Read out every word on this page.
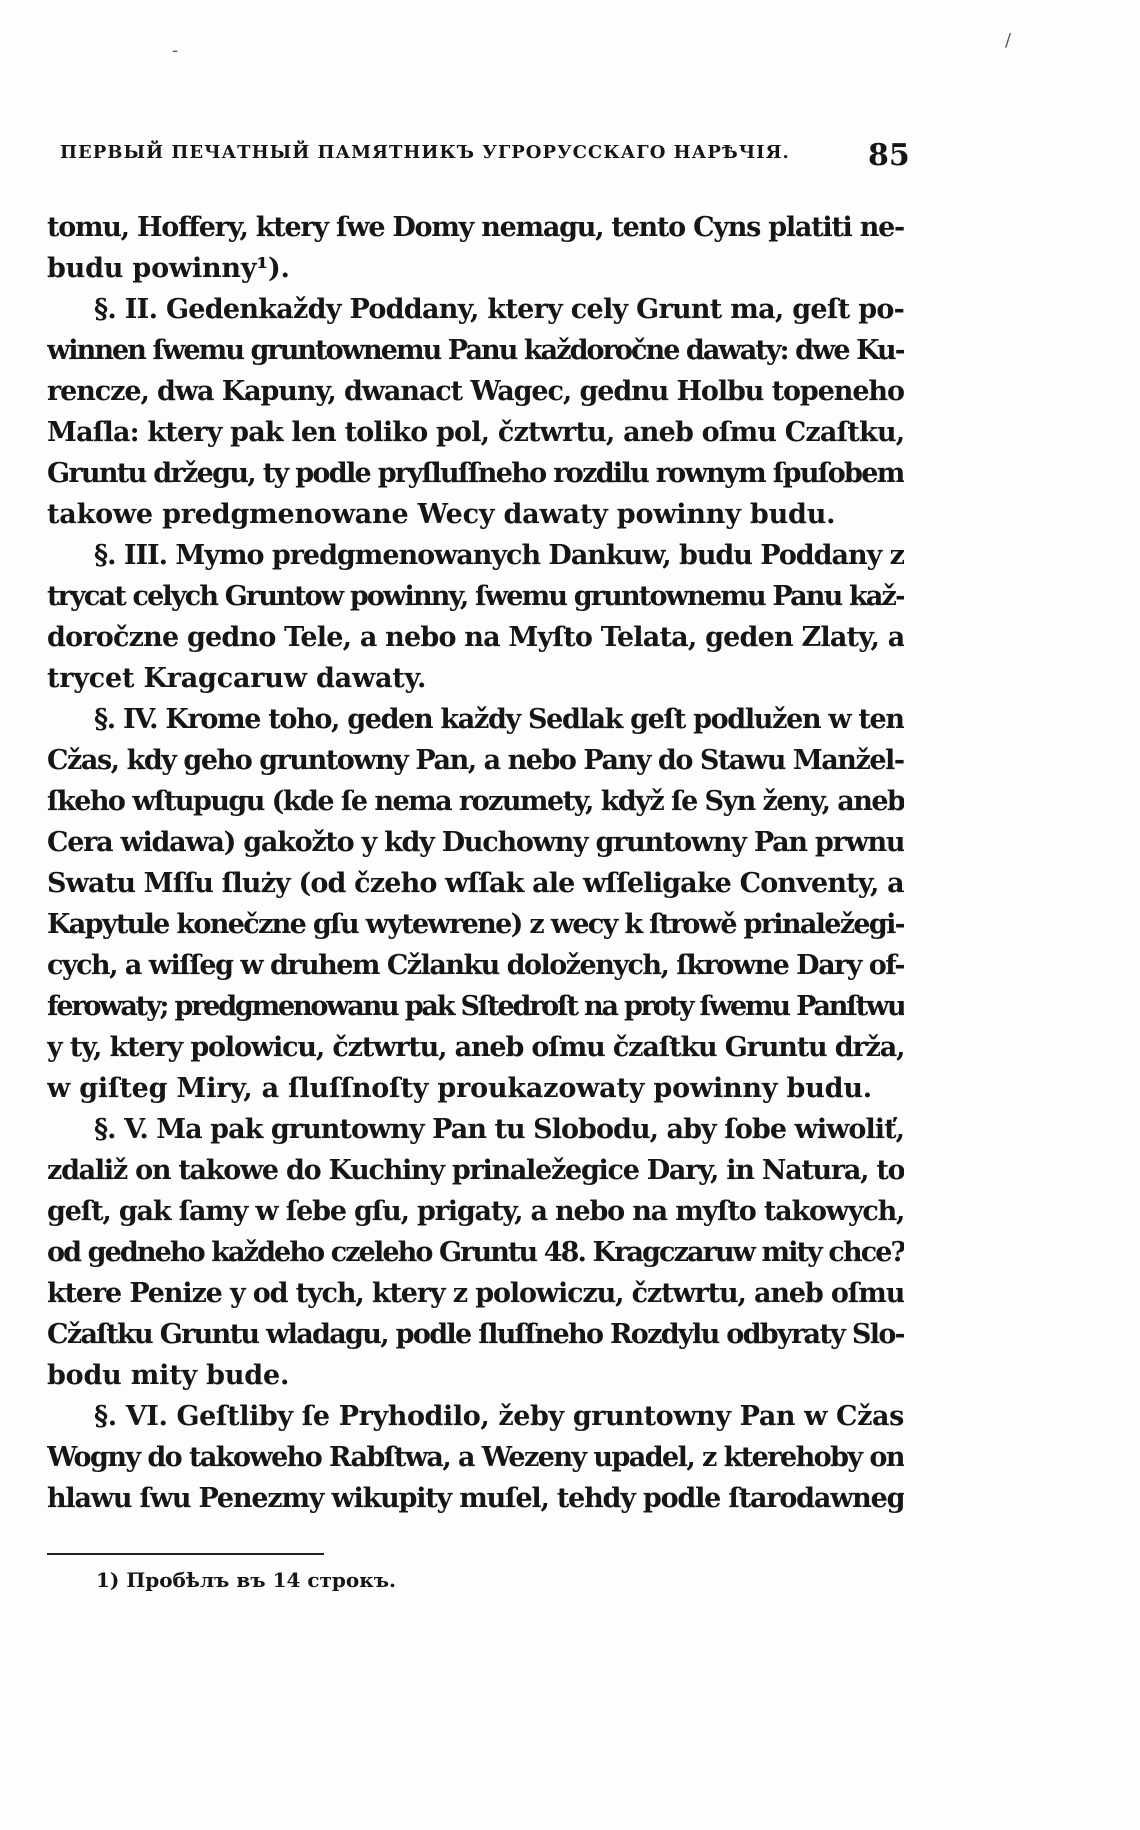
ПЕРВЫЙ ПЕЧАТНЫЙ ПАМЯТНИКЪ УГРОРУССКАГО НАРѢЧІЯ.	85
tomu, Hoffery, ktery ſwe Domy nemagu, tento Cyns platiti ne-
budu powinny¹).
§. II. Gedenkaždy Poddany, ktery cely Grunt ma, geſt po-
winnen ſwemu gruntownemu Panu každoročne dawaty: dwe Ku-
rencze, dwa Kapuny, dwanact Wagec, gednu Holbu topeneho
Maſla: ktery pak len toliko pol, čztwrtu, aneb oſmu Czaſtku,
Gruntu držegu, ty podle pryſluſſneho rozdilu rownym ſpuſobem
takowe predgmenowane Wecy dawaty powinny budu.
§. III. Mymo predgmenowanych Dankuw, budu Poddany z
trycat celych Gruntow powinny, ſwemu gruntownemu Panu kaž-
doročzne gedno Tele, a nebo na Myſto Telata, geden Zlaty, a
trycet Kragcaruw dawaty.
§. IV. Krome toho, geden každy Sedlak geſt podlužen w ten
Cžas, kdy geho gruntowny Pan, a nebo Pany do Stawu Manžel-
ſkeho wſtupugu (kde ſe nema rozumety, když ſe Syn ženy, aneb
Cera widawa) gakožto y kdy Duchowny gruntowny Pan prwnu
Swatu Mſſu ſluży (od čzeho wſſak ale wſſeligake Conventy, a
Kapytule konečzne gſu wytewrene) z wecy k ſtrowě prinaležegi-
cych, a wiſſeg w druhem Cžlanku doloženych, ſkrowne Dary of-
ferowaty; predgmenowanu pak Sſtedroſt na proty ſwemu Panſtwu
y ty, ktery polowicu, čztwrtu, aneb oſmu čzaſtku Gruntu drža,
w giſteg Miry, a ſluſſnoſty proukazowaty powinny budu.
§. V. Ma pak gruntowny Pan tu Slobodu, aby ſobe wiwoliť,
zdaliž on takowe do Kuchiny prinaležegice Dary, in Natura, to
geſt, gak ſamy w ſebe gſu, prigaty, a nebo na myſto takowych,
od gedneho každeho czeleho Gruntu 48. Kragczaruw mity chce?
ktere Penize y od tych, ktery z polowiczu, čztwrtu, aneb oſmu
Cžaſtku Gruntu wladagu, podle ſluſſneho Rozdylu odbyraty Slo-
bodu mity bude.
§. VI. Geſtliby ſe Pryhodilo, žeby gruntowny Pan w Cžas
Wogny do takoweho Rabſtwa, a Wezeny upadel, z kterehoby on
hlawu ſwu Penezmy wikupity muſel, tehdy podle ſtarodawneg
1) Пробѣлъ въ 14 строкъ.
-	/
